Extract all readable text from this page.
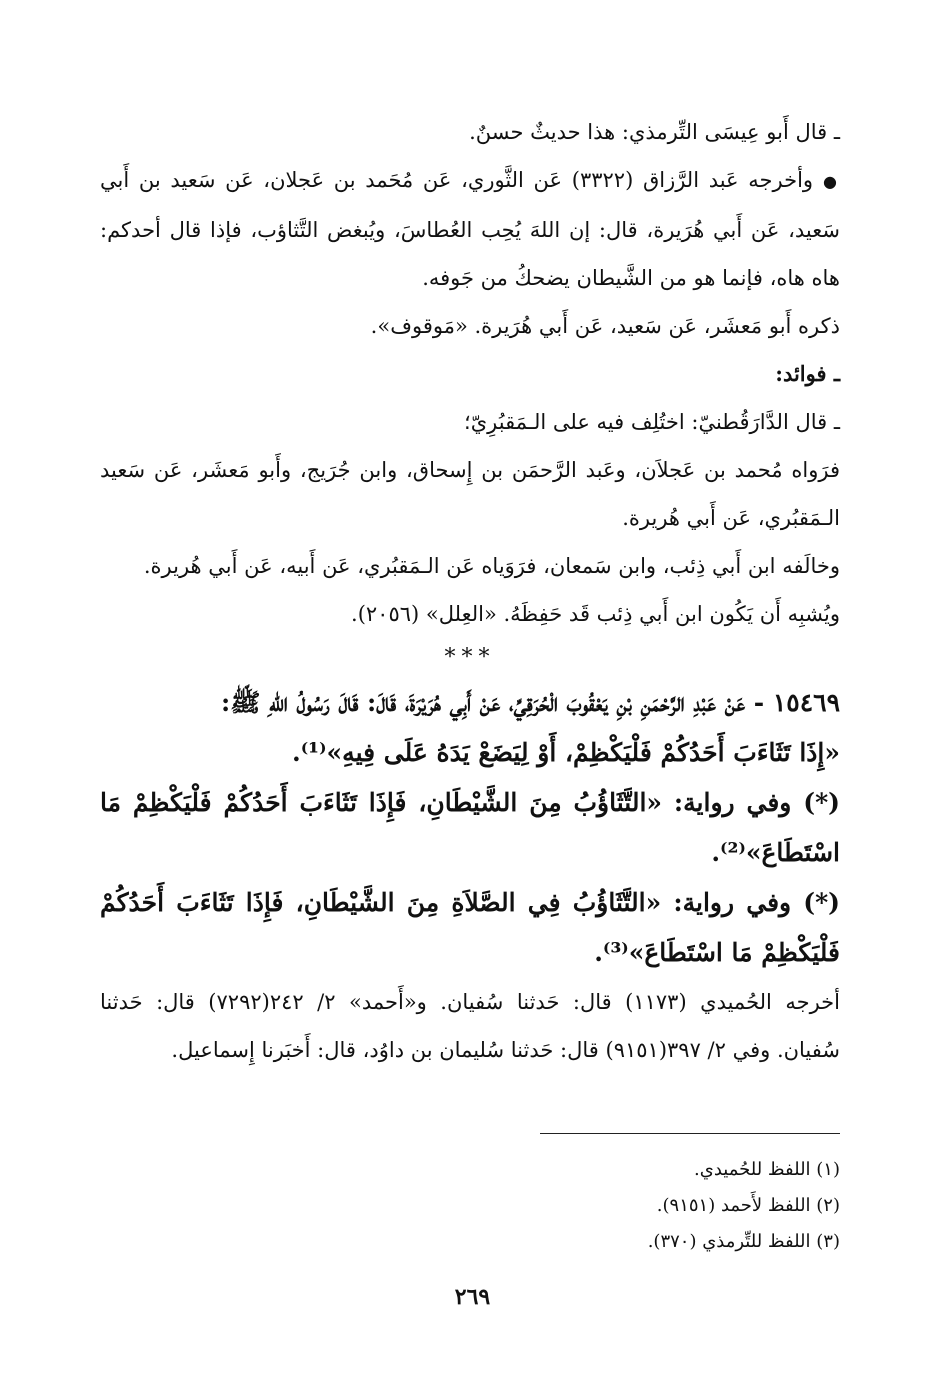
ـ قال أَبو عِيسَى التِّرمذي: هذا حديثٌ حسنٌ.

●وأخرجه عَبد الرَّزاق (٣٣٢٢) عَن الثَّوري، عَن مُحَمد بن عَجلان، عَن سَعيد بن أَبي سَعيد، عَن أَبي هُرَيرة، قال: إن اللهَ يُحِب العُطاسَ، ويُبغض التَّثاؤب، فإذا قال أحدكم: هاه هاه، فإنما هو من الشَّيطان يضحكُ من جَوفه.

ذكره أَبو مَعشَر، عَن سَعيد، عَن أَبي هُرَيرة. «مَوقوف».

ـ فوائد:

ـ قال الدَّارَقُطنيّ: اختُلِف فيه على الـمَقبُرِيّ؛

فرَواه مُحمد بن عَجلاَن، وعَبد الرَّحمَن بن إِسحاق، وابن جُرَيج، وأَبو مَعشَر، عَن سَعيد الـمَقبُري، عَن أَبي هُريرة.

وخالَفه ابن أَبي ذِئب، وابن سَمعان، فرَوَياه عَن الـمَقبُري، عَن أَبيه، عَن أَبي هُريرة.

ويُشبِه أَن يَكُون ابن أَبي ذِئب قَد حَفِظَهُ. «العِلل» (٢٠٥٦).

***

١٥٤٦٩ - عَنْ عَبْدِ الرَّحْمَنِ بْنِ يَعْقُوبَ الْحُرَقِيِّ، عَنْ أَبِي هُرَيْرَةَ، قَالَ: قَالَ رَسُولُ اللهِ ﷺ:

«إِذَا تَثَاءَبَ أَحَدُكُمْ فَلْيَكْظِمْ، أَوْ لِيَضَعْ يَدَهُ عَلَى فِيهِ»⁽¹⁾.

(*) وفي رواية: «التَّثَاؤُبُ مِنَ الشَّيْطَانِ، فَإِذَا تَثَاءَبَ أَحَدُكُمْ فَلْيَكْظِمْ مَا اسْتَطَاعَ»⁽²⁾.

(*) وفي رواية: «التَّثَاؤُبُ فِي الصَّلاَةِ مِنَ الشَّيْطَانِ، فَإِذَا تَثَاءَبَ أَحَدُكُمْ فَلْيَكْظِمْ مَا اسْتَطَاعَ»⁽³⁾.

أخرجه الحُميدي (١١٧٣) قال: حَدثنا سُفيان. و«أَحمد» ٢/ ٢٤٢(٧٢٩٢) قال: حَدثنا سُفيان. وفي ٢/ ٣٩٧(٩١٥١) قال: حَدثنا سُليمان بن داوُد، قال: أَخبَرنا إِسماعيل.

(١) اللفظ للحُميدي.

(٢) اللفظ لأَحمد (٩١٥١).

(٣) اللفظ للتِّرمذي (٣٧٠).

٢٦٩
